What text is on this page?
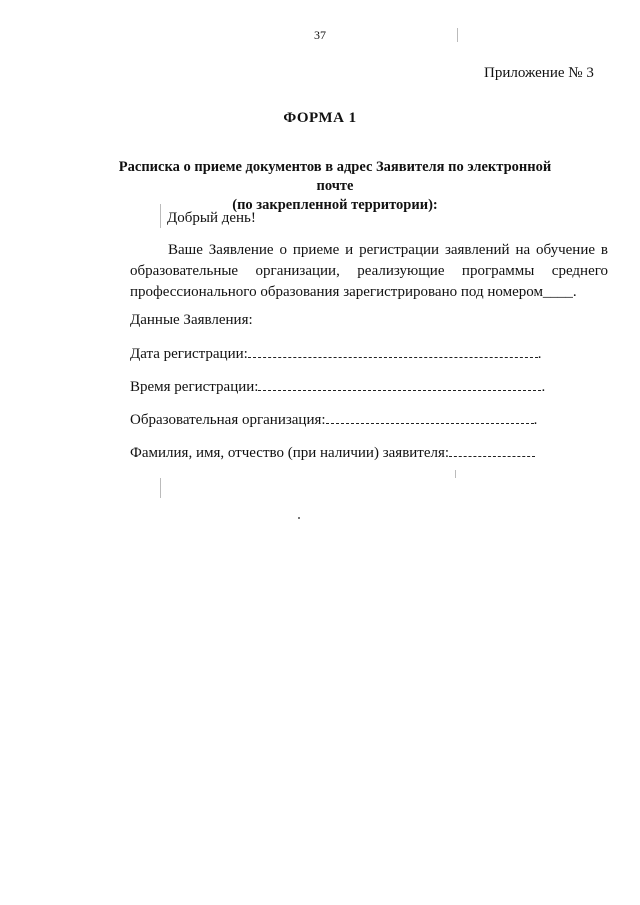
37
Приложение № 3
ФОРМА 1
Расписка о приеме документов в адрес Заявителя по электронной почте
(по закрепленной территории):
Добрый день!
Ваше Заявление о приеме и регистрации заявлений на обучение в
образовательные организации, реализующие программы среднего
профессионального образования зарегистрировано под номером____.
Данные Заявления:
Дата регистрации:	.
Время регистрации:	.
Образовательная организация:	.
Фамилия, имя, отчество (при наличии) заявителя:
